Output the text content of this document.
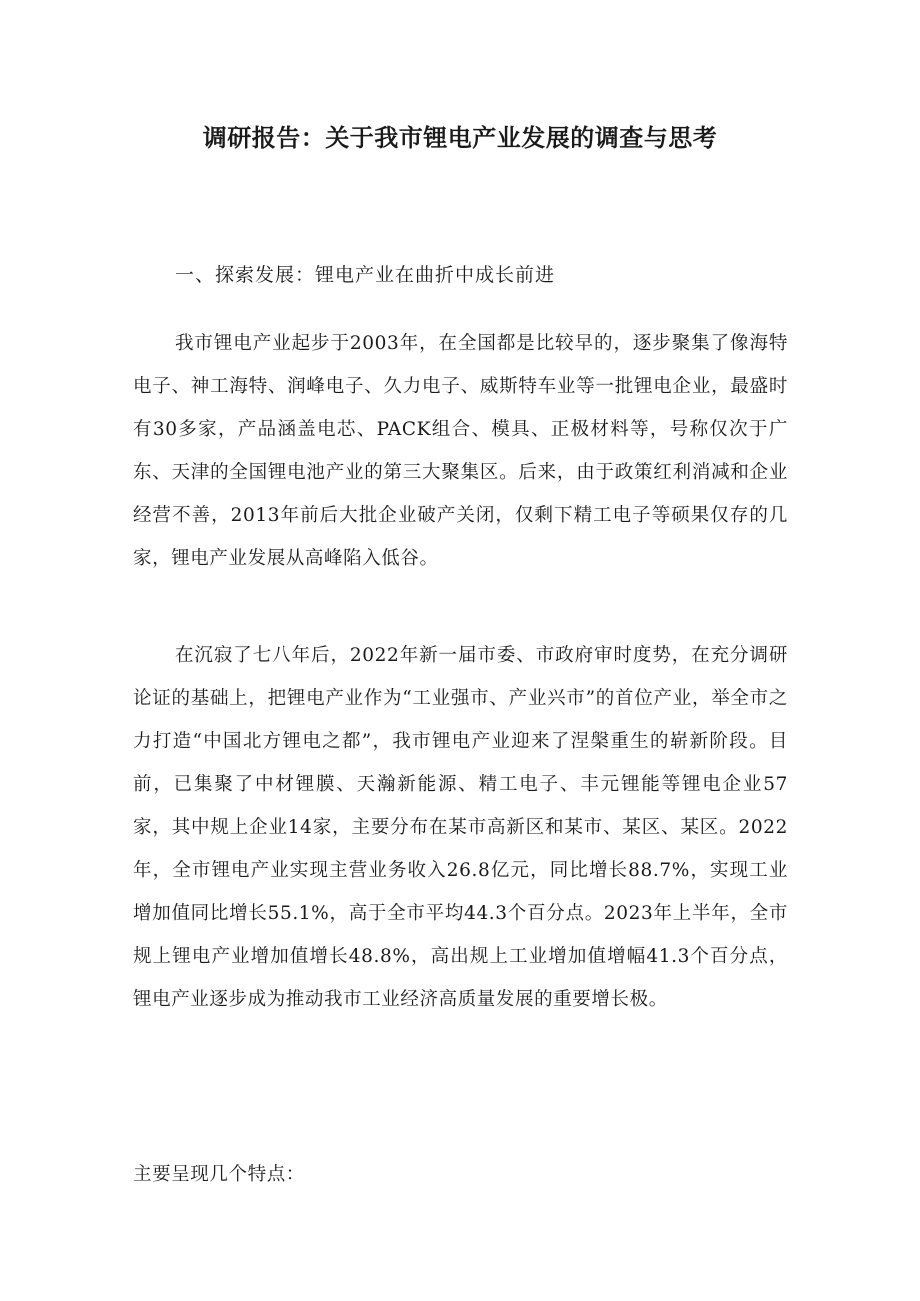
调研报告：关于我市锂电产业发展的调查与思考

一、探索发展：锂电产业在曲折中成长前进

我市锂电产业起步于2003年，在全国都是比较早的，逐步聚集了像海特电子、神工海特、润峰电子、久力电子、威斯特车业等一批锂电企业，最盛时有30多家，产品涵盖电芯、PACK组合、模具、正极材料等，号称仅次于广东、天津的全国锂电池产业的第三大聚集区。后来，由于政策红利消减和企业经营不善，2013年前后大批企业破产关闭，仅剩下精工电子等硕果仅存的几家，锂电产业发展从高峰陷入低谷。

在沉寂了七八年后，2022年新一届市委、市政府审时度势，在充分调研论证的基础上，把锂电产业作为“工业强市、产业兴市”的首位产业，举全市之力打造“中国北方锂电之都”，我市锂电产业迎来了涅槃重生的崭新阶段。目前，已集聚了中材锂膜、天瀚新能源、精工电子、丰元锂能等锂电企业57家，其中规上企业14家，主要分布在某市高新区和某市、某区、某区。2022年，全市锂电产业实现主营业务收入26.8亿元，同比增长88.7%，实现工业增加值同比增长55.1%，高于全市平均44.3个百分点。2023年上半年，全市规上锂电产业增加值增长48.8%，高出规上工业增加值增幅41.3个百分点，锂电产业逐步成为推动我市工业经济高质量发展的重要增长极。

主要呈现几个特点：
